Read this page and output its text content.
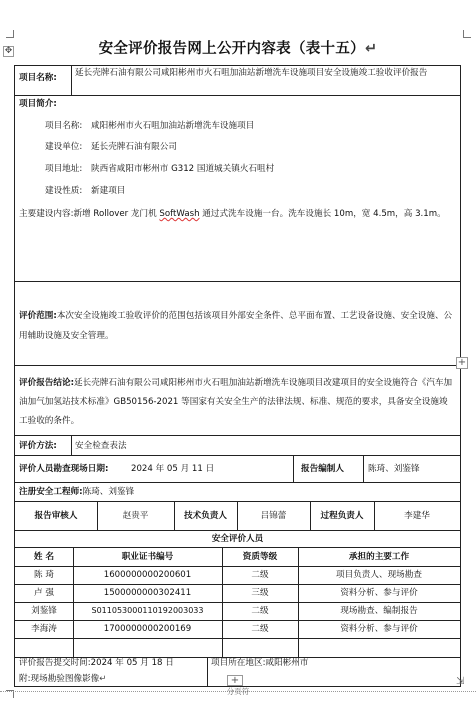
安全评价报告网上公开内容表（表十五）↵
✥
项目名称: 延长壳牌石油有限公司咸阳彬州市火石咀加油站新增洗车设施项目安全设施竣工验收评价报告
项目简介:
项目名称: 咸阳彬州市火石咀加油站新增洗车设施项目
建设单位: 延长壳牌石油有限公司
项目地址: 陕西省咸阳市彬州市 G312 国道城关镇火石咀村
建设性质: 新建项目
主要建设内容:新增 Rollover 龙门机 SoftWash 通过式洗车设施一台。洗车设施长 10m，宽 4.5m，高 3.1m。
评价范围:本次安全设施竣工验收评价的范围包括该项目外部安全条件、总平面布置、工艺设备设施、安全设施、公用辅助设施及安全管理。
评价报告结论:延长壳牌石油有限公司咸阳彬州市火石咀加油站新增洗车设施项目改建项目的安全设施符合《汽车加油加气加氢站技术标准》GB50156-2021 等国家有关安全生产的法律法规、标准、规范的要求，具备安全设施竣工验收的条件。
评价方法: 安全检查表法
评价人员勘查现场日期:	2024 年 05 月 11 日	报告编制人	陈琦、刘鉴锋
注册安全工程师:陈琦、刘鉴锋
报告审核人	赵贵平	技术负责人	吕锦蕾	过程负责人	李建华
安全评价人员
姓 名	职业证书编号	资质等级	承担的主要工作
陈 琦	1600000000200601	二级	项目负责人、现场勘查
卢 强	1500000000302411	三级	资料分析、参与评价
刘鉴锋	S011053000110192003033	二级	现场勘查、编制报告
李海涛	1700000000200169	二级	资料分析、参与评价
评价报告提交时间:2024 年 05 月 18 日	项目所在地区:咸阳彬州市
附:现场勘验图像影像↵
+
+	⇲
分页符
